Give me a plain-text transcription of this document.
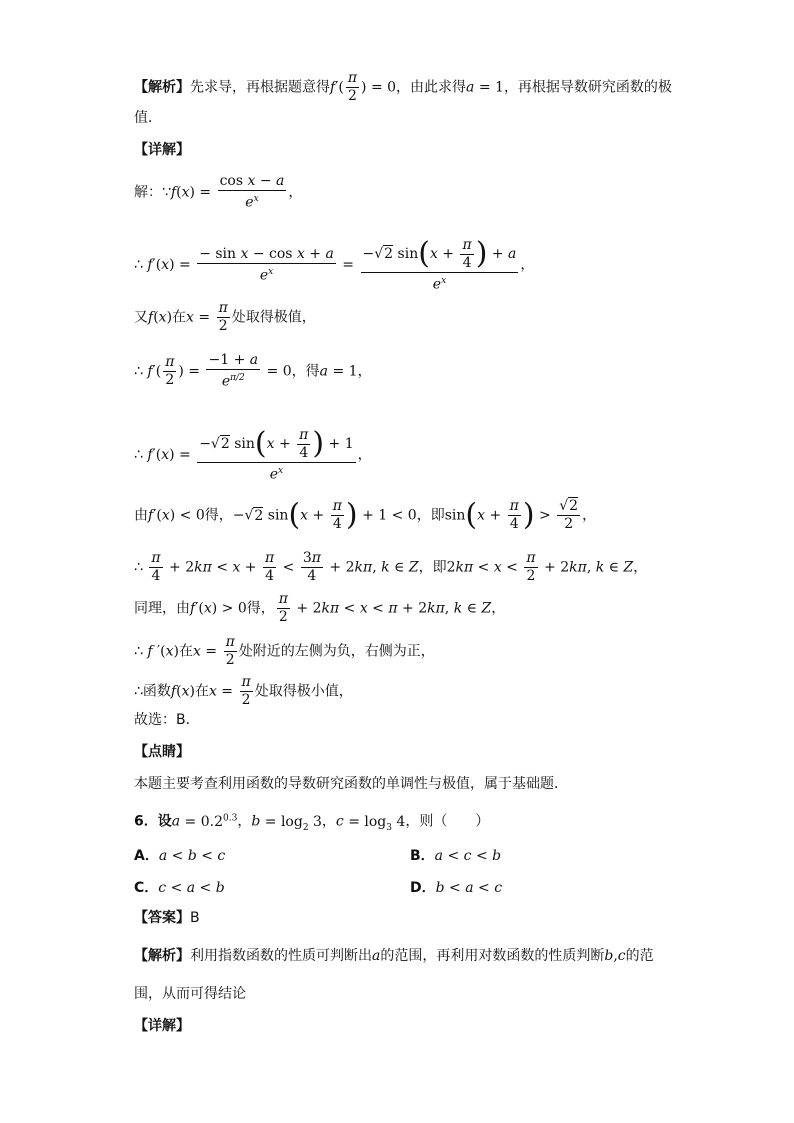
【解析】先求导，再根据题意得$f'( \frac{\pi}{2}$ ) = 0，由此求得a = 1，再根据导数研究函数的极
值．
【详解】
解：∵f(x) = $\frac{\text{cos x − a}}{e^x}$ ，
∴ $f'(x) = \frac{\text{− sin x − cos x + a}}{e^x} = \frac{-√2 \sin(x + \frac{\pi}{4} ) + a}{e^x}$ ，
又f(x)在$x = \frac{\pi}{2}$ 处取得极值，
∴ $f'( \frac{\pi}{2}$ ) = $\frac{-1 + a}{e^{\pi/2}} = 0$，得a = 1，
∴ $f'(x) = \frac{-√2 \sin(x + \frac{\pi}{4} ) + 1}{e^x}$ ，
由f′(x) < 0得，−√2 $\sin(x + \frac{\pi}{4}$ ) + 1 < 0，即$\sin(x + \frac{\pi}{4}$ ) > $\frac{√2}{2}$ ，
∴ $\frac{\pi}{4} + 2k\pi < x + \frac{\pi}{4} < \frac{3\pi}{4} + 2k\pi$, k ∈ Z，即$2k\pi < x < \frac{\pi}{2} + 2k\pi$, k ∈ Z，
同理，由f′(x) > 0得， $\frac{\pi}{2} + 2k\pi < x < \pi + 2k\pi$, k ∈ Z，
∴ f ′(x)在$x = \frac{\pi}{2}$ 处附近的左侧为负，右侧为正，
∴函数f(x)在$x = \frac{\pi}{2}$ 处取得极小值，
故选：B．
【点睛】
本题主要考查利用函数的导数研究函数的单调性与极值，属于基础题．
6．设$a = 0.2^{0.3}$，$b = \log_2 3$，$c = \log_3 4$，则（　　）
A．a < b < c	B．a < c < b
C．c < a < b	D．b < a < c
【答案】B
【解析】利用指数函数的性质可判断出a的范围，再利用对数函数的性质判断b,c的范
围，从而可得结论
【详解】
